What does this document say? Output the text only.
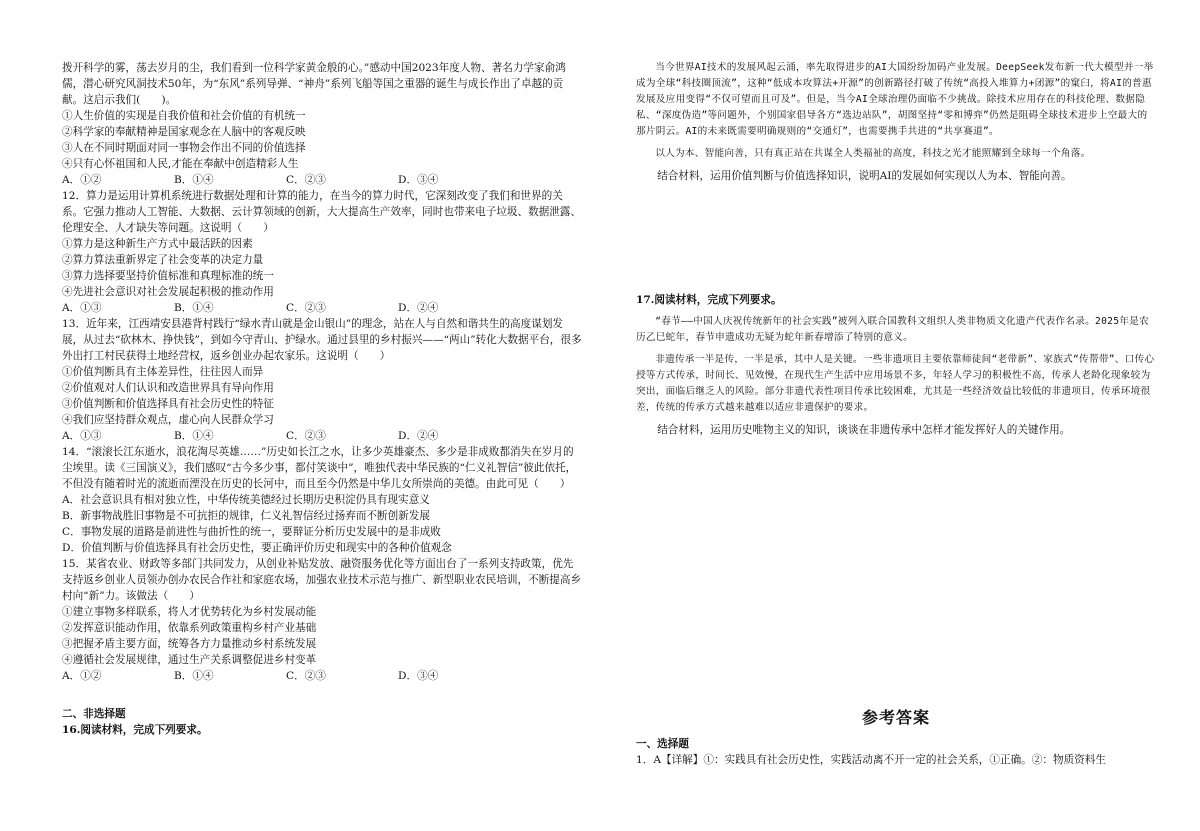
拨开科学的雾，荡去岁月的尘，我们看到一位科学家黄金般的心。”感动中国2023年度人物、著名力学家俞鸿儒，潜心研究风洞技术50年，为“东风”系列导弹、“神舟”系列飞船等国之重器的诞生与成长作出了卓越的贡献。这启示我们(　　)。

①人生价值的实现是自我价值和社会价值的有机统一

②科学家的奉献精神是国家观念在人脑中的客观反映

③人在不同时期面对同一事物会作出不同的价值选择

④只有心怀祖国和人民,才能在奉献中创造精彩人生

A．①②	B．①④	C．②③	D．③④

12．算力是运用计算机系统进行数据处理和计算的能力，在当今的算力时代，它深刻改变了我们和世界的关系。它强力推动人工智能、大数据、云计算领域的创新，大大提高生产效率，同时也带来电子垃圾、数据泄露、伦理安全、人才缺失等问题。这说明（　　）

①算力是这种新生产方式中最活跃的因素

②算力算法重新界定了社会变革的决定力量

③算力选择要坚持价值标准和真理标准的统一

④先进社会意识对社会发展起积极的推动作用

A．①③	B．①④	C．②③	D．②④

13．近年来，江西靖安县港背村践行“绿水青山就是金山银山”的理念，站在人与自然和谐共生的高度谋划发展，从过去“砍林木、挣快钱”，到如今守青山、护绿水。通过县里的乡村振兴——“两山”转化大数据平台，很多外出打工村民获得土地经营权，返乡创业办起农家乐。这说明（　　）

①价值判断具有主体差异性，往往因人而异

②价值观对人们认识和改造世界具有导向作用

③价值判断和价值选择具有社会历史性的特征

④我们应坚持群众观点，虚心向人民群众学习

A．①③	B．①④	C．②③	D．②④

14．“滚滚长江东逝水，浪花淘尽英雄……”历史如长江之水，让多少英雄豪杰、多少是非成败都消失在岁月的尘埃里。读《三国演义》，我们感叹“古今多少事，都付笑谈中”，唯独代表中华民族的“仁义礼智信”彼此依托，不但没有随着时光的流逝而湮没在历史的长河中，而且至今仍然是中华儿女所崇尚的美德。由此可见（　　）

A．社会意识具有相对独立性，中华传统美德经过长期历史积淀仍具有现实意义

B．新事物战胜旧事物是不可抗拒的规律，仁义礼智信经过扬弃而不断创新发展

C．事物发展的道路是前进性与曲折性的统一，要辩证分析历史发展中的是非成败

D．价值判断与价值选择具有社会历史性，要正确评价历史和现实中的各种价值观念

15．某省农业、财政等多部门共同发力，从创业补贴发放、融资服务优化等方面出台了一系列支持政策，优先支持返乡创业人员领办创办农民合作社和家庭农场，加强农业技术示范与推广、新型职业农民培训，不断提高乡村向“新”力。该做法（　　）

①建立事物多样联系，将人才优势转化为乡村发展动能

②发挥意识能动作用，依靠系列政策重构乡村产业基础

③把握矛盾主要方面，统筹各方力量推动乡村系统发展

④遵循社会发展规律，通过生产关系调整促进乡村变革

A．①②	B．①④	C．②③	D．③④

二、非选择题

16.阅读材料，完成下列要求。

当今世界AI技术的发展风起云涌，率先取得进步的AI大国纷纷加码产业发展。DeepSeek发布新一代大模型并一举成为全球“科技圈顶流”，这种“低成本攻算法+开源”的创新路径打破了传统“高投入堆算力+闭源”的窠臼，将AI的普惠发展及应用变得“不仅可望而且可及”。但是，当今AI全球治理仍面临不少挑战。除技术应用存在的科技伦理、数据隐私、“深度伪造”等问题外，个别国家倡导各方“选边站队”，胡图坚持“零和博弈”仍然是阻碍全球技术进步上空最大的那片阴云。AI的未来既需要明确规则的“交通灯”，也需要携手共进的“共享赛道”。

以人为本、智能向善，只有真正站在共谋全人类福祉的高度，科技之光才能照耀到全球每一个角落。

结合材料，运用价值判断与价值选择知识，说明AI的发展如何实现以人为本、智能向善。

17.阅读材料，完成下列要求。

“春节——中国人庆祝传统新年的社会实践”被列入联合国教科文组织人类非物质文化遗产代表作名录。2025年是农历乙巳蛇年，春节申遗成功无疑为蛇年新春增添了特别的意义。

非遗传承一半是传，一半是承，其中人是关键。一些非遗项目主要依靠师徒间“老带新”、家族式“传帮带”、口传心授等方式传承，时间长、见效慢，在现代生产生活中应用场景不多，年轻人学习的积极性不高，传承人老龄化现象较为突出，面临后继乏人的风险。部分非遗代表性项目传承比较困难，尤其是一些经济效益比较低的非遗项目，传承环境很差，传统的传承方式越来越难以适应非遗保护的要求。

结合材料，运用历史唯物主义的知识，谈谈在非遗传承中怎样才能发挥好人的关键作用。

参考答案

一、选择题

1．A【详解】①：实践具有社会历史性，实践活动离不开一定的社会关系，①正确。②：物质资料生
